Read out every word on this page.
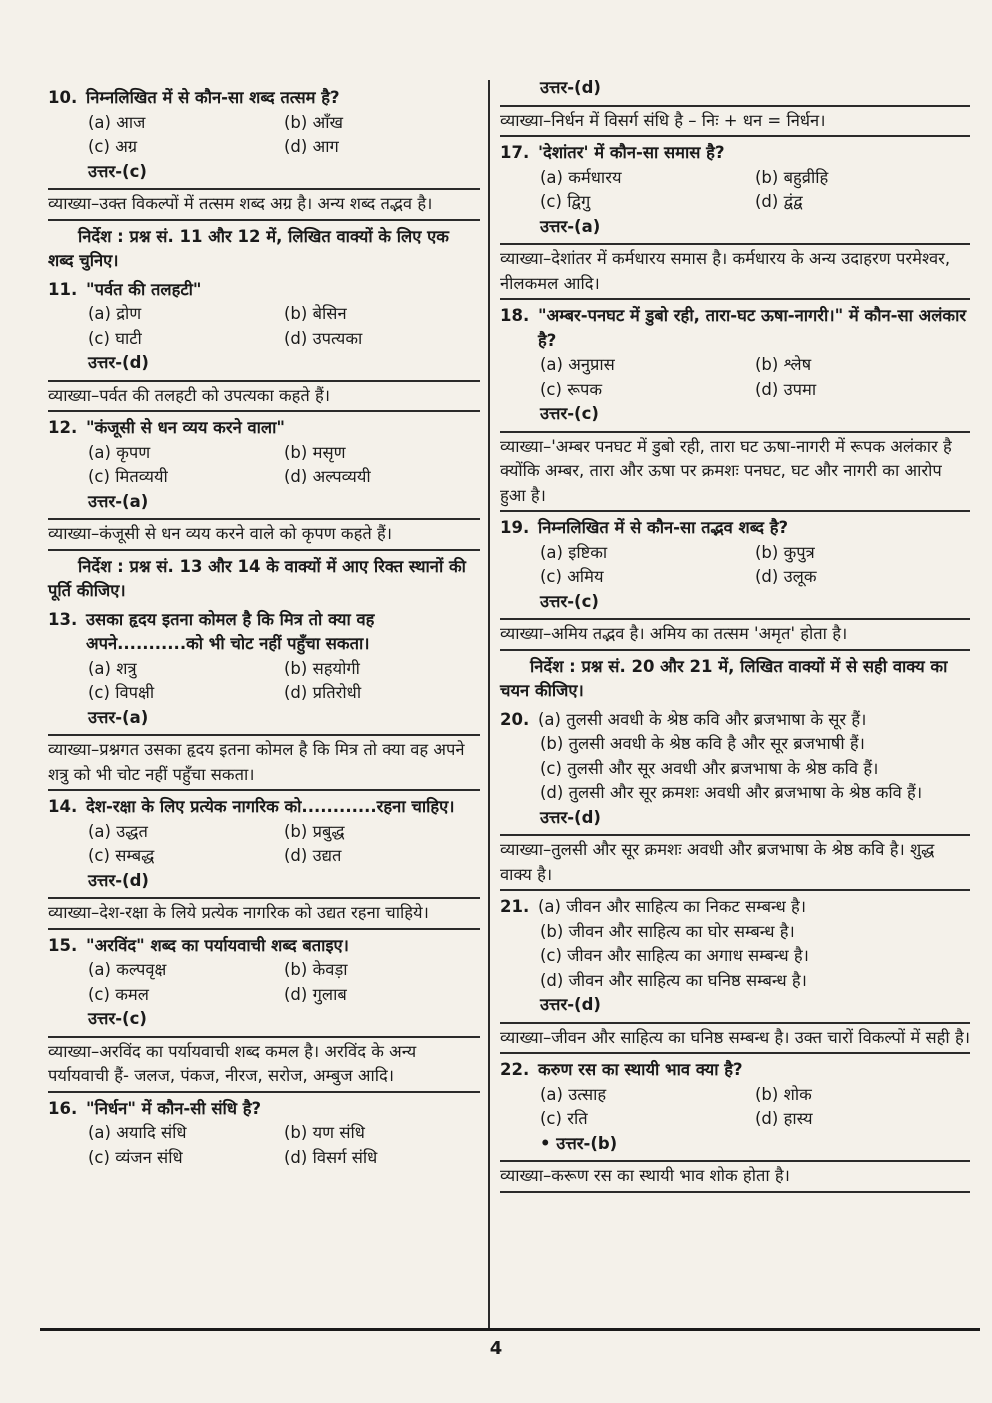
10. निम्नलिखित में से कौन-सा शब्द तत्सम है?
(a) आज	(b) आँख
(c) अग्र	(d) आग
उत्तर-(c)
व्याख्या–उक्त विकल्पों में तत्सम शब्द अग्र है। अन्य शब्द तद्भव है।
निर्देश : प्रश्न सं. 11 और 12 में, लिखित वाक्यों के लिए एक शब्द चुनिए।
11. "पर्वत की तलहटी"
(a) द्रोण	(b) बेसिन
(c) घाटी	(d) उपत्यका
उत्तर-(d)
व्याख्या–पर्वत की तलहटी को उपत्यका कहते हैं।
12. "कंजूसी से धन व्यय करने वाला"
(a) कृपण	(b) मसृण
(c) मितव्ययी	(d) अल्पव्ययी
उत्तर-(a)
व्याख्या–कंजूसी से धन व्यय करने वाले को कृपण कहते हैं।
निर्देश : प्रश्न सं. 13 और 14 के वाक्यों में आए रिक्त स्थानों की पूर्ति कीजिए।
13. उसका हृदय इतना कोमल है कि मित्र तो क्या वह अपने...........को भी चोट नहीं पहुँचा सकता।
(a) शत्रु	(b) सहयोगी
(c) विपक्षी	(d) प्रतिरोधी
उत्तर-(a)
व्याख्या–प्रश्नगत उसका हृदय इतना कोमल है कि मित्र तो क्या वह अपने शत्रु को भी चोट नहीं पहुँचा सकता।
14. देश-रक्षा के लिए प्रत्येक नागरिक को............रहना चाहिए।
(a) उद्धत	(b) प्रबुद्ध
(c) सम्बद्ध	(d) उद्यत
उत्तर-(d)
व्याख्या–देश-रक्षा के लिये प्रत्येक नागरिक को उद्यत रहना चाहिये।
15. "अरविंद" शब्द का पर्यायवाची शब्द बताइए।
(a) कल्पवृक्ष	(b) केवड़ा
(c) कमल	(d) गुलाब
उत्तर-(c)
व्याख्या–अरविंद का पर्यायवाची शब्द कमल है। अरविंद के अन्य पर्यायवाची हैं- जलज, पंकज, नीरज, सरोज, अम्बुज आदि।
16. "निर्धन" में कौन-सी संधि है?
(a) अयादि संधि	(b) यण संधि
(c) व्यंजन संधि	(d) विसर्ग संधि
उत्तर-(d)
व्याख्या–निर्धन में विसर्ग संधि है – निः + धन = निर्धन।
17. 'देशांतर' में कौन-सा समास है?
(a) कर्मधारय	(b) बहुव्रीहि
(c) द्विगु	(d) द्वंद्व
उत्तर-(a)
व्याख्या–देशांतर में कर्मधारय समास है। कर्मधारय के अन्य उदाहरण परमेश्वर, नीलकमल आदि।
18. "अम्बर-पनघट में डुबो रही, तारा-घट ऊषा-नागरी।" में कौन-सा अलंकार है?
(a) अनुप्रास	(b) श्लेष
(c) रूपक	(d) उपमा
उत्तर-(c)
व्याख्या–'अम्बर पनघट में डुबो रही, तारा घट ऊषा-नागरी में रूपक अलंकार है क्योंकि अम्बर, तारा और ऊषा पर क्रमशः पनघट, घट और नागरी का आरोप हुआ है।
19. निम्नलिखित में से कौन-सा तद्भव शब्द है?
(a) इष्टिका	(b) कुपुत्र
(c) अमिय	(d) उलूक
उत्तर-(c)
व्याख्या–अमिय तद्भव है। अमिय का तत्सम 'अमृत' होता है।
निर्देश : प्रश्न सं. 20 और 21 में, लिखित वाक्यों में से सही वाक्य का चयन कीजिए।
20. (a) तुलसी अवधी के श्रेष्ठ कवि और ब्रजभाषा के सूर हैं।
(b) तुलसी अवधी के श्रेष्ठ कवि है और सूर ब्रजभाषी हैं।
(c) तुलसी और सूर अवधी और ब्रजभाषा के श्रेष्ठ कवि हैं।
(d) तुलसी और सूर क्रमशः अवधी और ब्रजभाषा के श्रेष्ठ कवि हैं।
उत्तर-(d)
व्याख्या–तुलसी और सूर क्रमशः अवधी और ब्रजभाषा के श्रेष्ठ कवि है। शुद्ध वाक्य है।
21. (a) जीवन और साहित्य का निकट सम्बन्ध है।
(b) जीवन और साहित्य का घोर सम्बन्ध है।
(c) जीवन और साहित्य का अगाध सम्बन्ध है।
(d) जीवन और साहित्य का घनिष्ठ सम्बन्ध है।
उत्तर-(d)
व्याख्या–जीवन और साहित्य का घनिष्ठ सम्बन्ध है। उक्त चारों विकल्पों में सही है।
22. करुण रस का स्थायी भाव क्या है?
(a) उत्साह	(b) शोक
(c) रति	(d) हास्य
• उत्तर-(b)
व्याख्या–करूण रस का स्थायी भाव शोक होता है।
4
